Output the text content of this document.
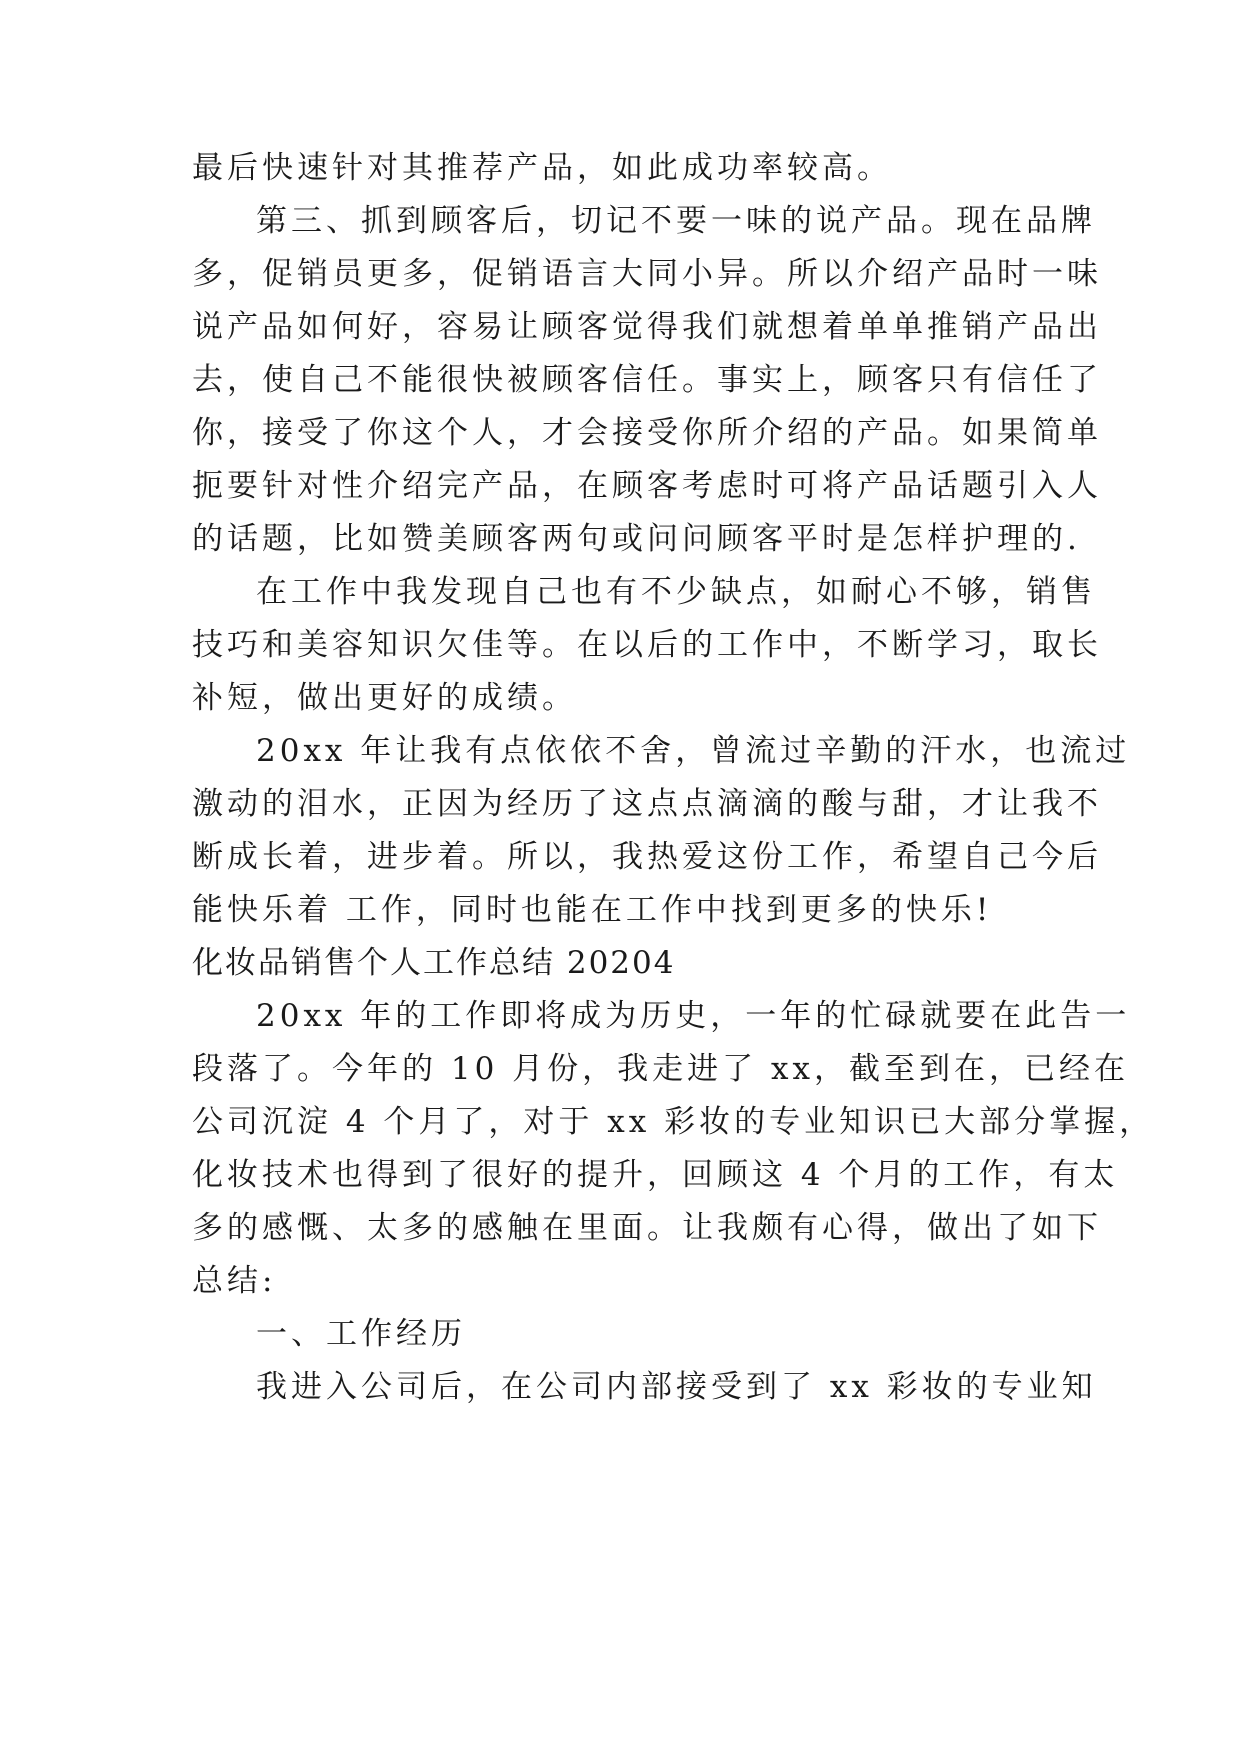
最后快速针对其推荐产品，如此成功率较高。
第三、抓到顾客后，切记不要一味的说产品。现在品牌
多，促销员更多，促销语言大同小异。所以介绍产品时一味
说产品如何好，容易让顾客觉得我们就想着单单推销产品出
去，使自己不能很快被顾客信任。事实上，顾客只有信任了
你，接受了你这个人，才会接受你所介绍的产品。如果简单
扼要针对性介绍完产品，在顾客考虑时可将产品话题引入人
的话题，比如赞美顾客两句或问问顾客平时是怎样护理的.
在工作中我发现自己也有不少缺点，如耐心不够，销售
技巧和美容知识欠佳等。在以后的工作中，不断学习，取长
补短，做出更好的成绩。
20xx 年让我有点依依不舍，曾流过辛勤的汗水，也流过
激动的泪水，正因为经历了这点点滴滴的酸与甜，才让我不
断成长着，进步着。所以，我热爱这份工作，希望自己今后
能快乐着 工作，同时也能在工作中找到更多的快乐!
化妆品销售个人工作总结 20204
20xx 年的工作即将成为历史，一年的忙碌就要在此告一
段落了。今年的 10 月份，我走进了 xx，截至到在，已经在
公司沉淀 4 个月了，对于 xx 彩妆的专业知识已大部分掌握，
化妆技术也得到了很好的提升，回顾这 4 个月的工作，有太
多的感慨、太多的感触在里面。让我颇有心得，做出了如下
总结:
一、工作经历
我进入公司后，在公司内部接受到了 xx 彩妆的专业知
